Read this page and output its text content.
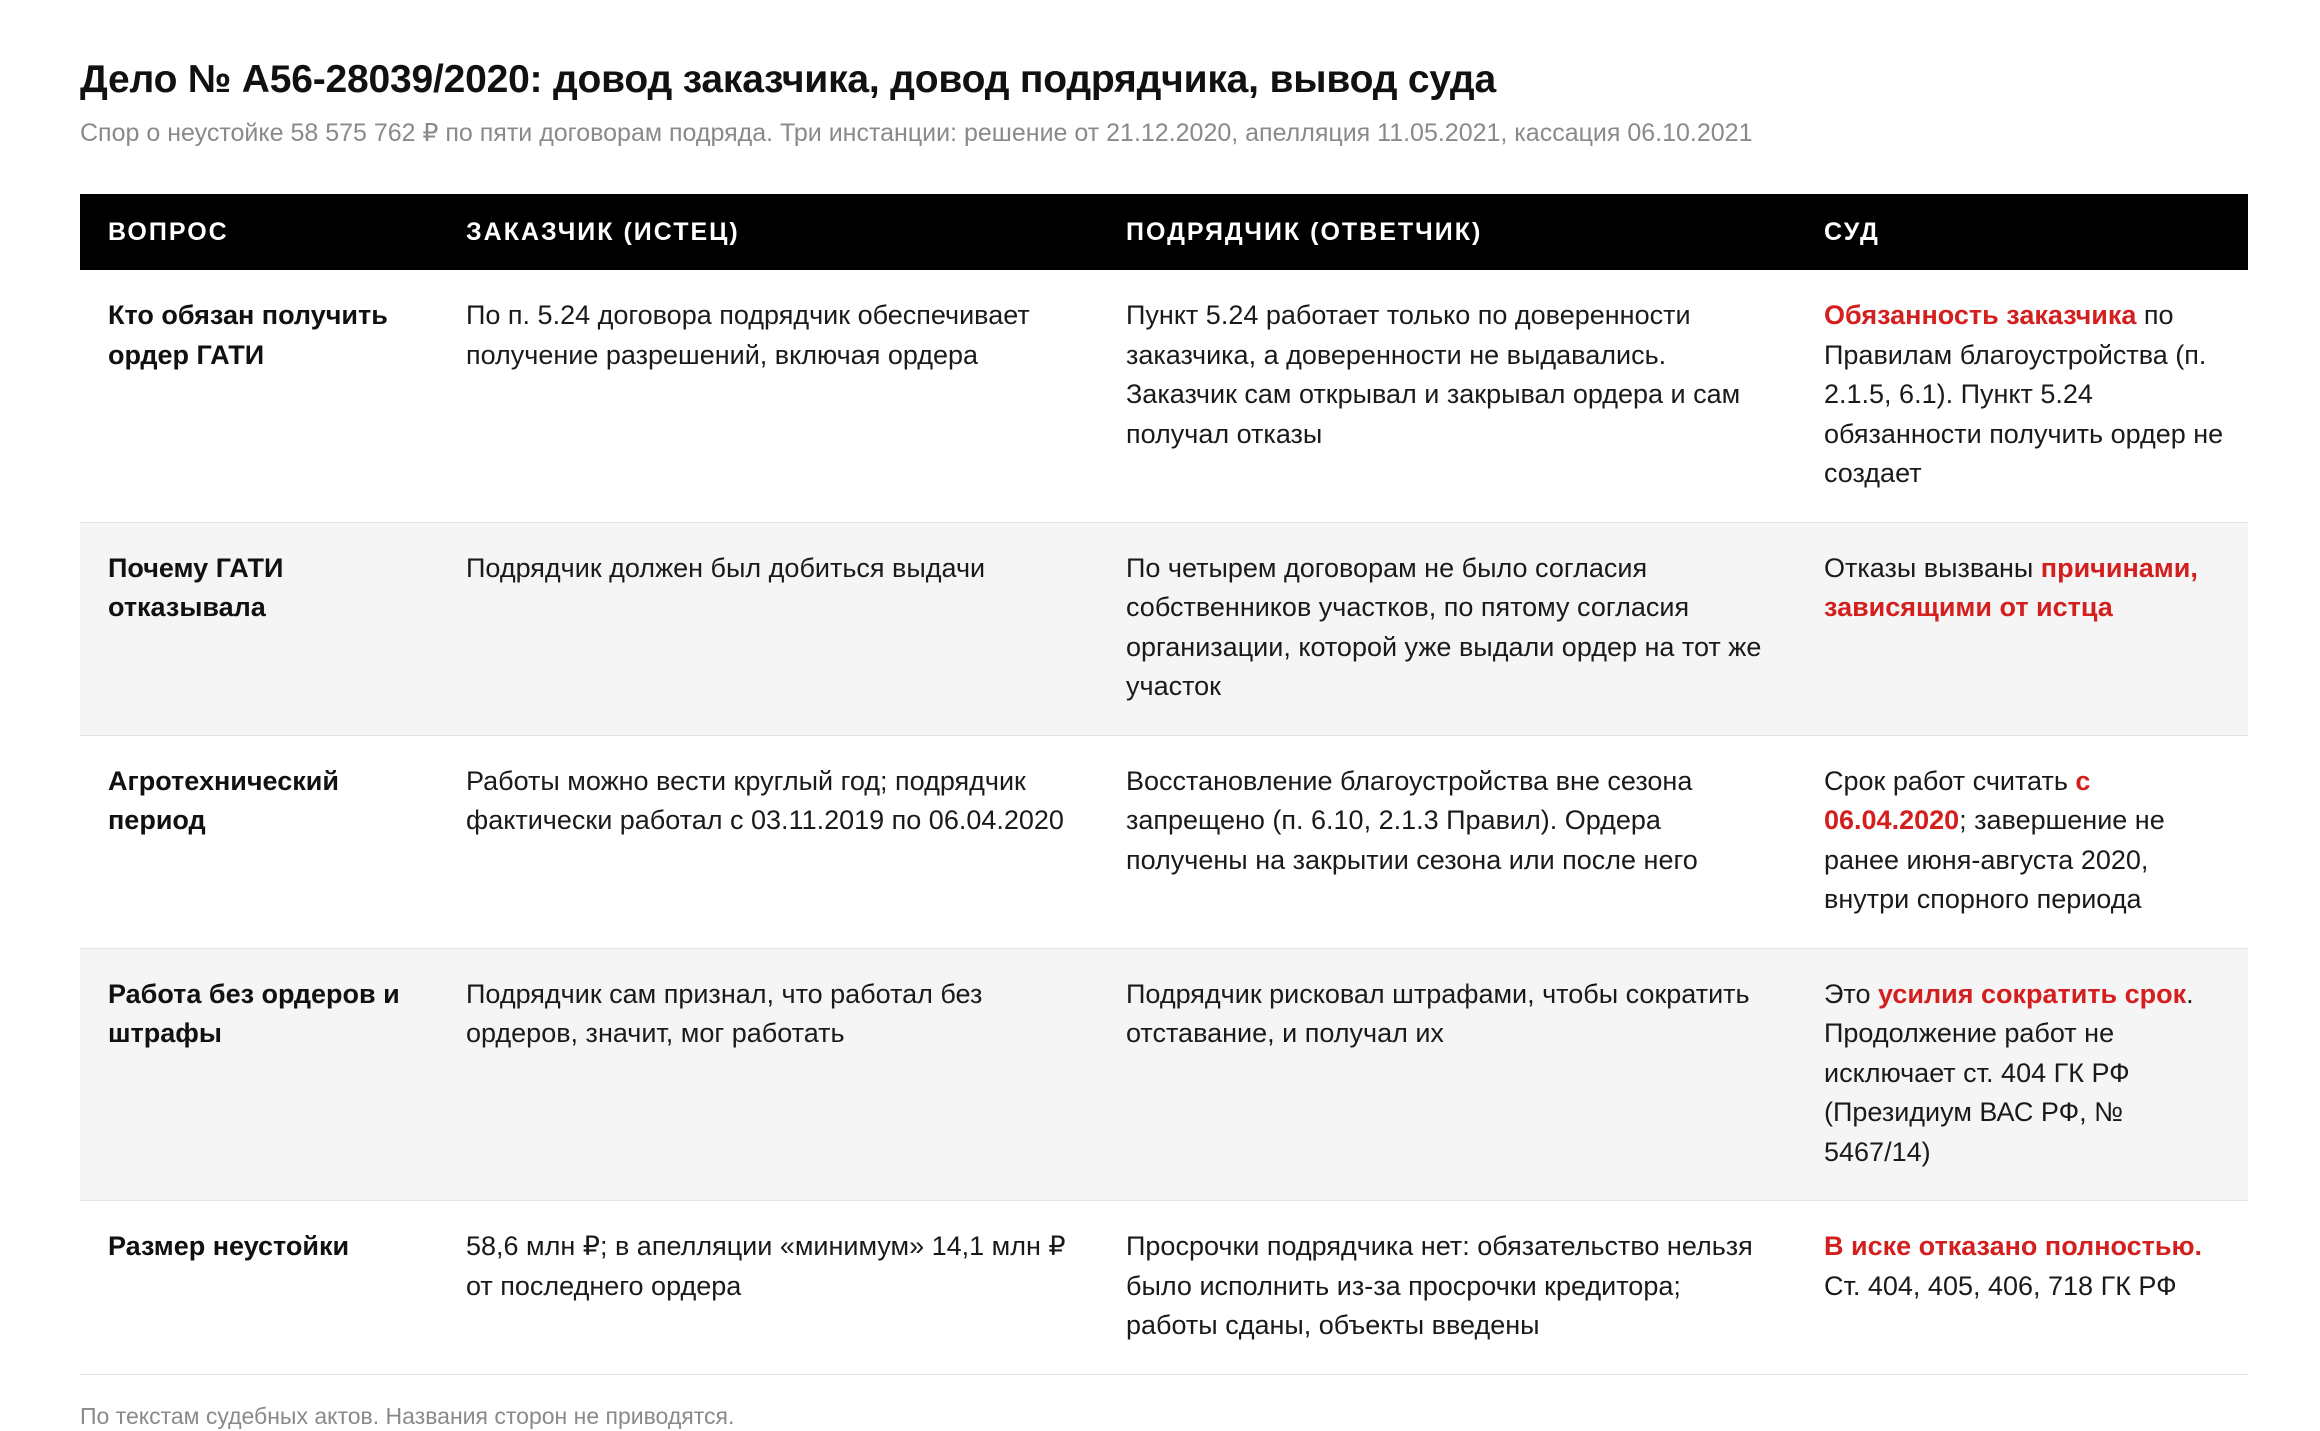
Дело № А56-28039/2020: довод заказчика, довод подрядчика, вывод суда

Спор о неустойке 58 575 762 ₽ по пяти договорам подряда. Три инстанции: решение от 21.12.2020, апелляция 11.05.2021, кассация 06.10.2021

ВОПРОС	ЗАКАЗЧИК (ИСТЕЦ)	ПОДРЯДЧИК (ОТВЕТЧИК)	СУД
Кто обязан получить ордер ГАТИ	По п. 5.24 договора подрядчик обеспечивает получение разрешений, включая ордера	Пункт 5.24 работает только по доверенности заказчика, а доверенности не выдавались. Заказчик сам открывал и закрывал ордера и сам получал отказы	Обязанность заказчика по Правилам благоустройства (п. 2.1.5, 6.1). Пункт 5.24 обязанности получить ордер не создает
Почему ГАТИ отказывала	Подрядчик должен был добиться выдачи	По четырем договорам не было согласия собственников участков, по пятому согласия организации, которой уже выдали ордер на тот же участок	Отказы вызваны причинами, зависящими от истца
Агротехнический период	Работы можно вести круглый год; подрядчик фактически работал с 03.11.2019 по 06.04.2020	Восстановление благоустройства вне сезона запрещено (п. 6.10, 2.1.3 Правил). Ордера получены на закрытии сезона или после него	Срок работ считать с 06.04.2020; завершение не ранее июня-августа 2020, внутри спорного периода
Работа без ордеров и штрафы	Подрядчик сам признал, что работал без ордеров, значит, мог работать	Подрядчик рисковал штрафами, чтобы сократить отставание, и получал их	Это усилия сократить срок. Продолжение работ не исключает ст. 404 ГК РФ (Президиум ВАС РФ, № 5467/14)
Размер неустойки	58,6 млн ₽; в апелляции «минимум» 14,1 млн ₽ от последнего ордера	Просрочки подрядчика нет: обязательство нельзя было исполнить из-за просрочки кредитора; работы сданы, объекты введены	В иске отказано полностью. Ст. 404, 405, 406, 718 ГК РФ
По текстам судебных актов. Названия сторон не приводятся.
